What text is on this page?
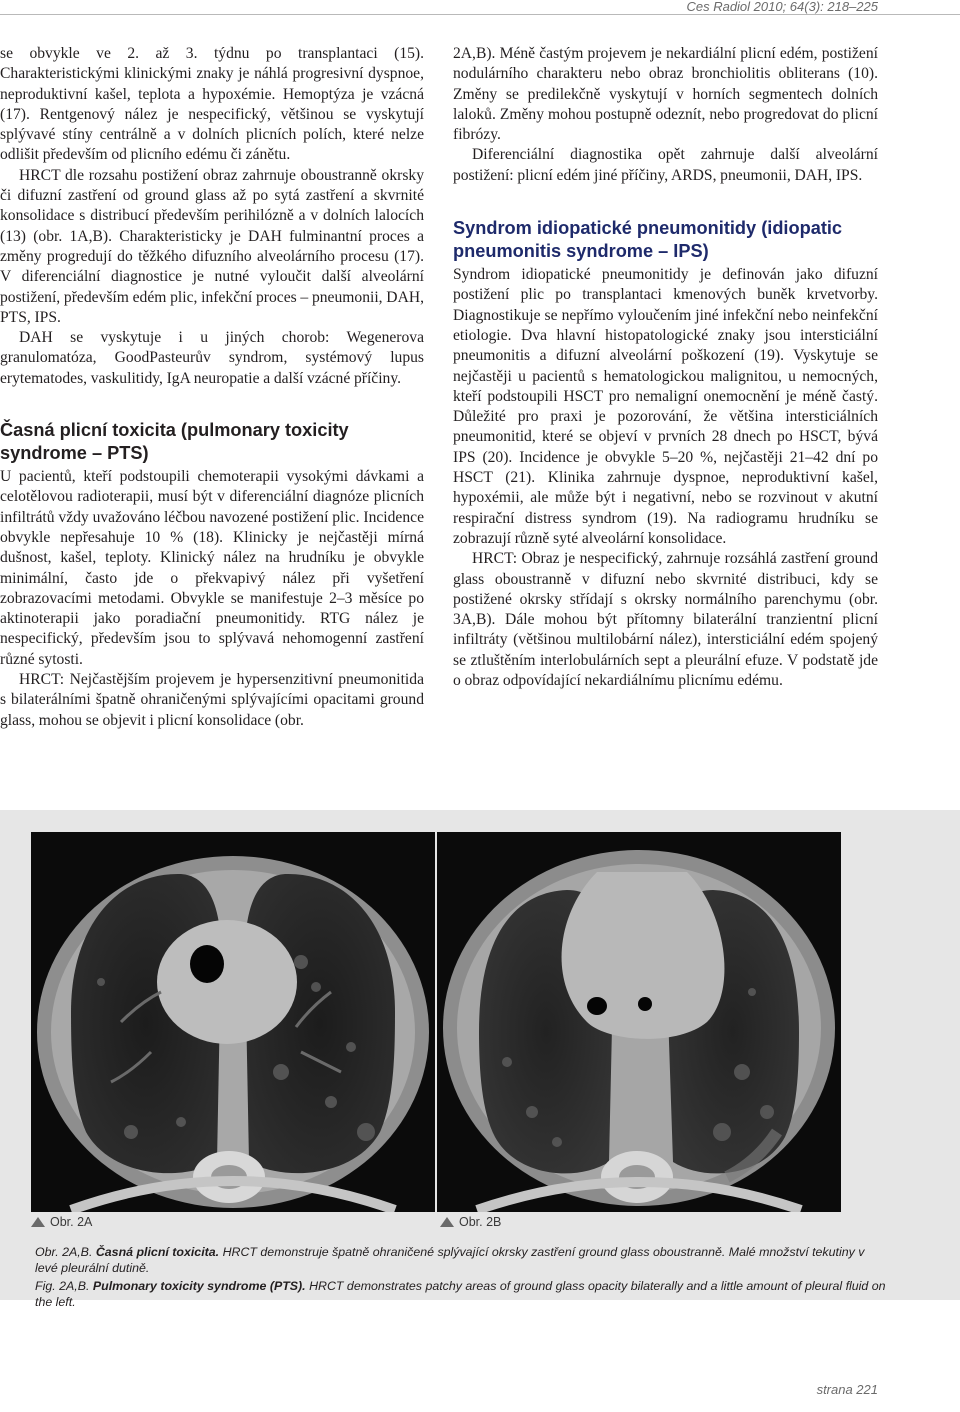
Ces Radiol 2010; 64(3): 218–225

se obvykle ve 2. až 3. týdnu po transplantaci (15). Charakteristickými klinickými znaky je náhlá progresivní dyspnoe, neproduktivní kašel, teplota a hypoxémie. Hemoptýza je vzácná (17). Rentgenový nález je nespecifický, většinou se vyskytují splývavé stíny centrálně a v dolních plicních polích, které nelze odlišit především od plicního edému či zánětu.

HRCT dle rozsahu postižení obraz zahrnuje oboustranně okrsky či difuzní zastření od ground glass až po sytá zastření a skvrnité konsolidace s distribucí především perihilózně a v dolních lalocích (13) (obr. 1A,B). Charakteristicky je DAH fulminantní proces a změny progredují do těžkého difuzního alveolárního procesu (17). V diferenciální diagnostice je nutné vyloučit další alveolární postižení, především edém plic, infekční proces – pneumonii, DAH, PTS, IPS.

DAH se vyskytuje i u jiných chorob: Wegenerova granulomatóza, GoodPasteurův syndrom, systémový lupus erytematodes, vaskulitidy, IgA neuropatie a další vzácné příčiny.

Časná plicní toxicita (pulmonary toxicity syndrome – PTS)

U pacientů, kteří podstoupili chemoterapii vysokými dávkami a celotělovou radioterapii, musí být v diferenciální diagnóze plicních infiltrátů vždy uvažováno léčbou navozené postižení plic. Incidence obvykle nepřesahuje 10 % (18). Klinicky je nejčastěji mírná dušnost, kašel, teploty. Klinický nález na hrudníku je obvykle minimální, často jde o překvapivý nález při vyšetření zobrazovacími metodami. Obvykle se manifestuje 2–3 měsíce po aktinoterapii jako poradiační pneumonitidy. RTG nález je nespecifický, především jsou to splývavá nehomogenní zastření různé sytosti.

HRCT: Nejčastějším projevem je hypersenzitivní pneumonitida s bilaterálními špatně ohraničenými splývajícími opacitami ground glass, mohou se objevit i plicní konsolidace (obr.

2A,B). Méně častým projevem je nekardiální plicní edém, postižení nodulárního charakteru nebo obraz bronchiolitis obliterans (10). Změny se predilekčně vyskytují v horních segmentech dolních laloků. Změny mohou postupně odeznít, nebo progredovat do plicní fibrózy.

Diferenciální diagnostika opět zahrnuje další alveolární postižení: plicní edém jiné příčiny, ARDS, pneumonii, DAH, IPS.

Syndrom idiopatické pneumonitidy (idiopatic pneumonitis syndrome – IPS)

Syndrom idiopatické pneumonitidy je definován jako difuzní postižení plic po transplantaci kmenových buněk krvetvorby. Diagnostikuje se nepřímo vyloučením jiné infekční nebo neinfekční etiologie. Dva hlavní histopatologické znaky jsou intersticiální pneumonitis a difuzní alveolární poškození (19). Vyskytuje se nejčastěji u pacientů s hematologickou malignitou, u nemocných, kteří podstoupili HSCT pro nemaligní onemocnění je méně častý. Důležité pro praxi je pozorování, že většina intersticiálních pneumonitid, které se objeví v prvních 28 dnech po HSCT, bývá IPS (20). Incidence je obvykle 5–20 %, nejčastěji 21–42 dní po HSCT (21). Klinika zahrnuje dyspnoe, neproduktivní kašel, hypoxémii, ale může být i negativní, nebo se rozvinout v akutní respirační distress syndrom (19). Na radiogramu hrudníku se zobrazují různě syté alveolární konsolidace.

HRCT: Obraz je nespecifický, zahrnuje rozsáhlá zastření ground glass oboustranně v difuzní nebo skvrnité distribuci, kdy se postižené okrsky střídají s okrsky normálního parenchymu (obr. 3A,B). Dále mohou být přítomny bilaterální tranzientní plicní infiltráty (většinou multilobární nález), intersticiální edém spojený se ztluštěním interlobulárních sept a pleurální efuze. V podstatě jde o obraz odpovídající nekardiálnímu plicnímu edému.

Obr. 2A	Obr. 2B

Obr. 2A,B. Časná plicní toxicita. HRCT demonstruje špatně ohraničené splývající okrsky zastření ground glass oboustranně. Malé množství tekutiny v levé pleurální dutině.

Fig. 2A,B. Pulmonary toxicity syndrome (PTS). HRCT demonstrates patchy areas of ground glass opacity bilaterally and a little amount of pleural fluid on the left.

strana 221
